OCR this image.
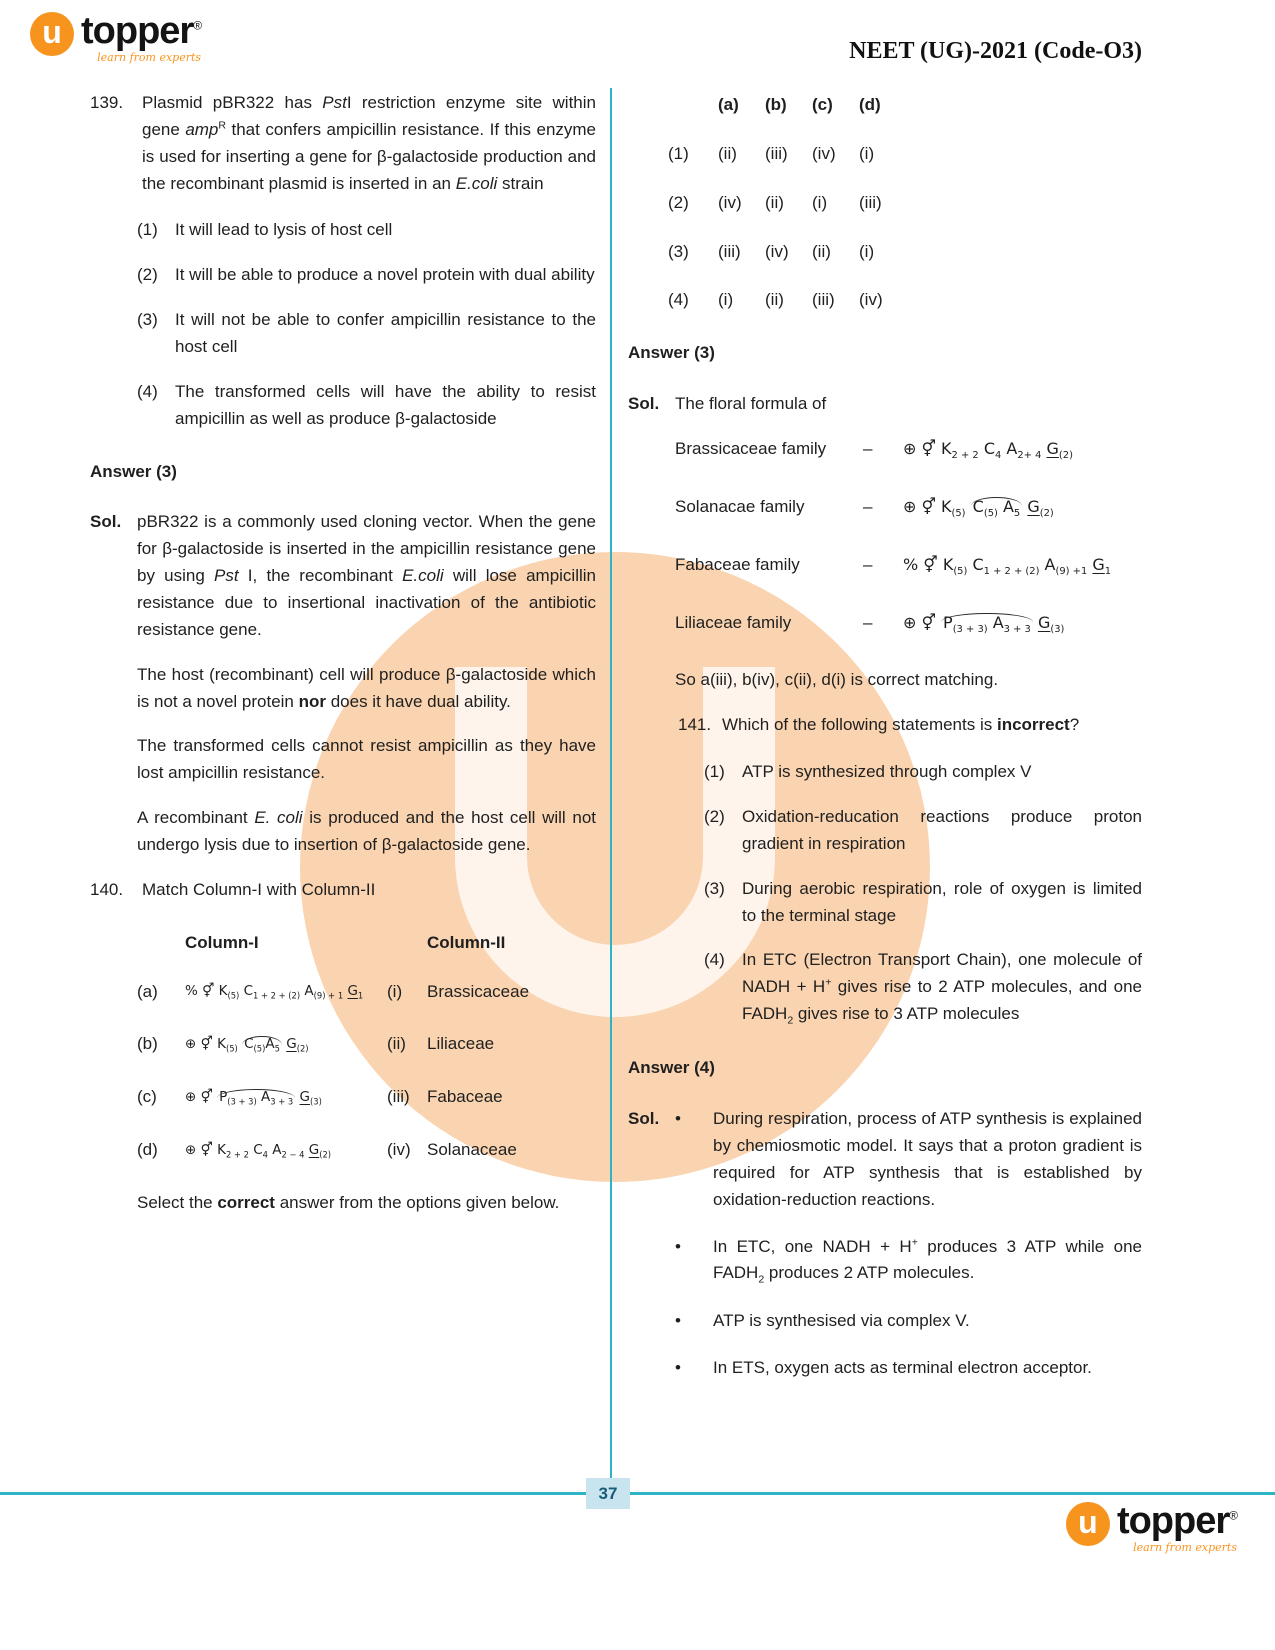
u topper®
learn from experts	NEET (UG)-2021 (Code-O3)
139.	Plasmid pBR322 has PstI restriction enzyme site within gene amp$^R$ that confers ampicillin resistance. If this enzyme is used for inserting a gene for β-galactoside production and the recombinant plasmid is inserted in an E.coli strain
(1)	It will lead to lysis of host cell
(2)	It will be able to produce a novel protein with dual ability
(3)	It will not be able to confer ampicillin resistance to the host cell
(4)	The transformed cells will have the ability to resist ampicillin as well as produce β-galactoside
Answer (3)
Sol. pBR322 is a commonly used cloning vector. When the gene for β-galactoside is inserted in the ampicillin resistance gene by using Pst I, the recombinant E.coli will lose ampicillin resistance due to insertional inactivation of the antibiotic resistance gene.

The host (recombinant) cell will produce β-galactoside which is not a novel protein nor does it have dual ability.

The transformed cells cannot resist ampicillin as they have lost ampicillin resistance.

A recombinant E. coli is produced and the host cell will not undergo lysis due to insertion of β-galactoside gene.

140.	Match Column-I with Column-II
Column-I	Column-II
(a)	% ⚥ $K_{(5)}$ $C_{1 + 2 + (2)}$ $A_{(9) + 1}$ $G_1$	(i)	Brassicaceae
(b)	⊕ ⚥ $K_{(5)}$ $C_{(5)}A_5$ $G_{(2)}$	(ii)	Liliaceae
(c)	⊕ ⚥ $P_{(3 + 3)}$ $A_{3 + 3}$ $G_{(3)}$	(iii)	Fabaceae
(d)	⊕ ⚥ $K_{2 + 2}$ $C_4$ $A_{2 - 4}$ $G_{(2)}$	(iv) Solanaceae
Select the correct answer from the options given below.
(a)	(b)	(c)	(d)
(1)	(ii)	(iii)	(iv)	(i)
(2)	(iv)	(ii)	(i)	(iii)
(3)	(iii)	(iv)	(ii)	(i)
(4)	(i)	(ii)	(iii)	(iv)
Answer (3)
Sol. The floral formula of

Brassicaceae family	–	⊕ ⚥ $K_{2 + 2}$ $C_4$ $A_{2+ 4}$ $G_{(2)}$
Solanacae family	–	⊕ ⚥ $K_{(5)}$ $C_{(5)}$ $A_5$ $G_{(2)}$
Fabaceae family	–	% ⚥ $K_{(5)}$ $C_{1 + 2 + (2)}$ $A_{(9) +1}$ $G_1$
Liliaceae family	–	⊕ ⚥ $P_{(3 + 3)}$ $A_{3 + 3}$ $G_{(3)}$

So a(iii), b(iv), c(ii), d(i) is correct matching.

141. Which of the following statements is incorrect?
(1)	ATP is synthesized through complex V
(2)	Oxidation-reducation reactions produce proton gradient in respiration
(3)	During aerobic respiration, role of oxygen is limited to the terminal stage
(4)	In ETC (Electron Transport Chain), one molecule of NADH + H+ gives rise to 2 ATP molecules, and one $FADH_2$ gives rise to 3 ATP molecules
Answer (4)
Sol. •	During respiration, process of ATP synthesis is explained by chemiosmotic model. It says that a proton gradient is required for ATP synthesis that is established by oxidation-reduction reactions.
•	In ETC, one NADH + H+ produces 3 ATP while one $FADH_2$ produces 2 ATP molecules.
•	ATP is synthesised via complex V.
•	In ETS, oxygen acts as terminal electron acceptor.
37
u topper®
learn from experts
